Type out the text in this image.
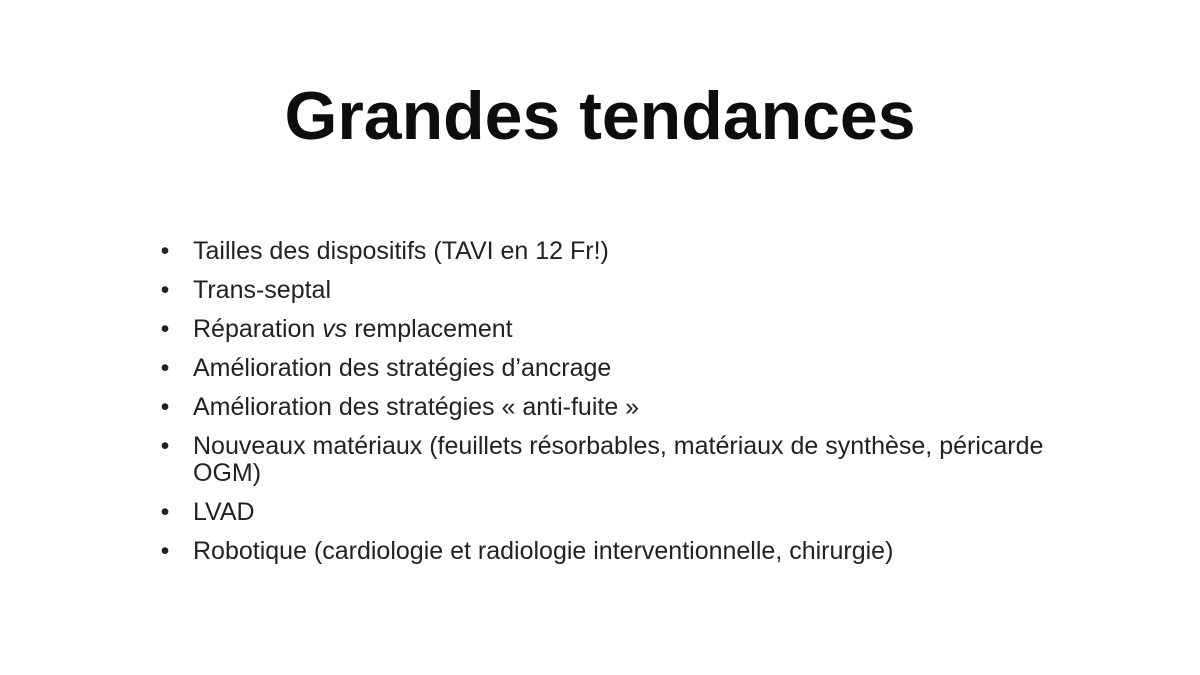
Grandes tendances
• Tailles des dispositifs (TAVI en 12 Fr!)
• Trans-septal
• Réparation vs remplacement
• Amélioration des stratégies d’ancrage
• Amélioration des stratégies « anti-fuite »
• Nouveaux matériaux (feuillets résorbables, matériaux de synthèse, péricarde OGM)
• LVAD
• Robotique (cardiologie et radiologie interventionnelle, chirurgie)
